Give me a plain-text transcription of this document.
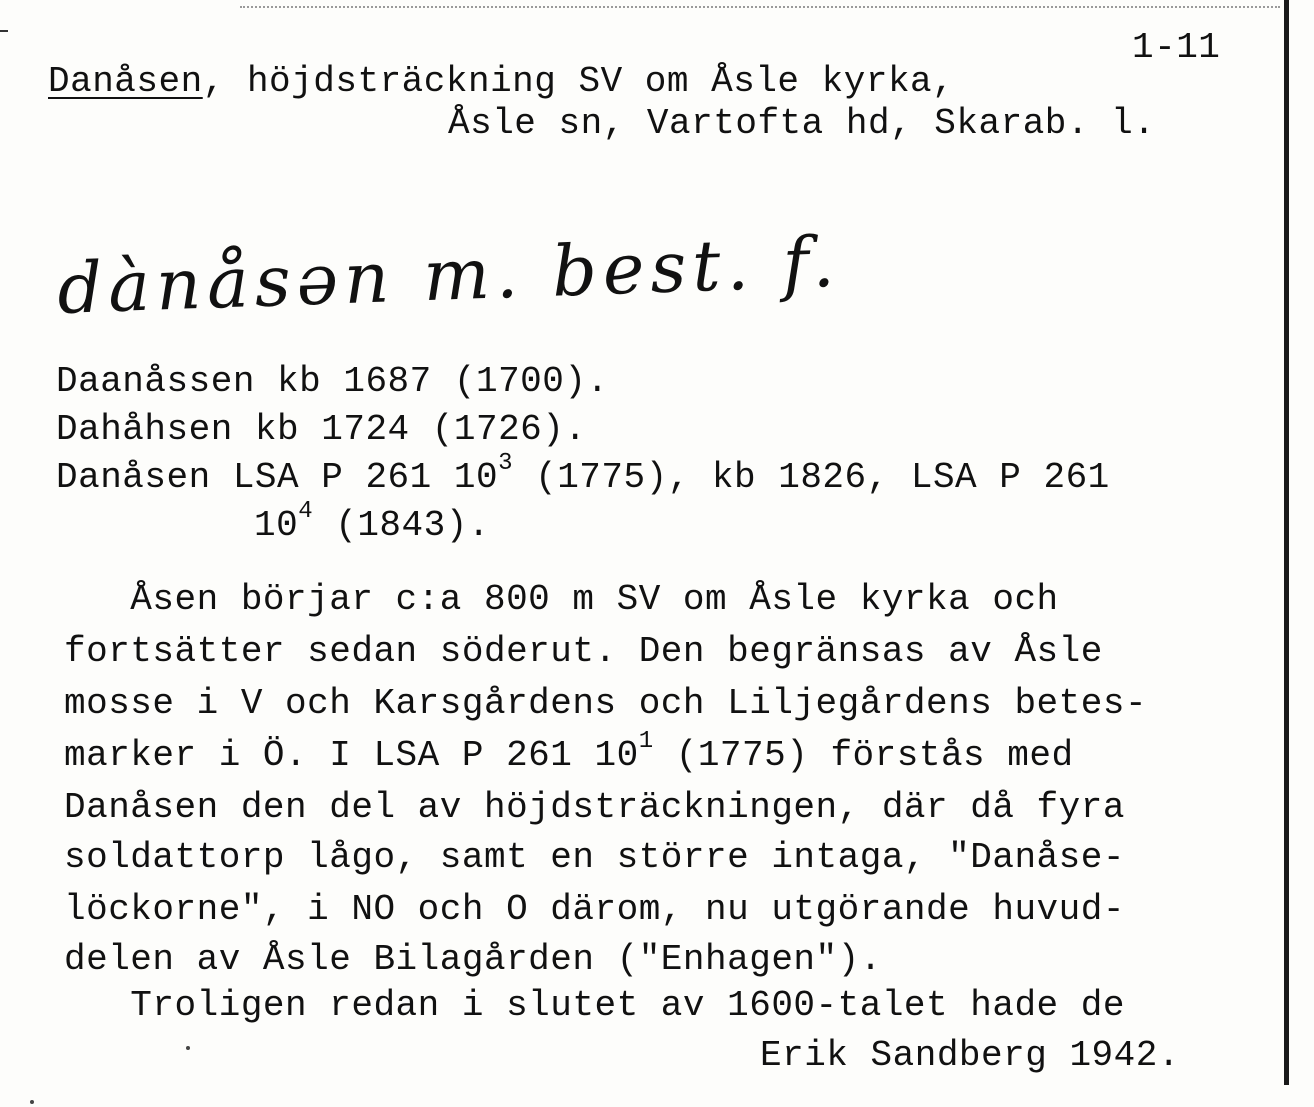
1-11
Danåsen, höjdsträckning SV om Åsle kyrka,
Åsle sn, Vartofta hd, Skarab. l.
dànåsən m. best. f.
Daanåssen kb 1687 (1700).
Dahåhsen kb 1724 (1726).
Danåsen LSA P 261 $10^3$ (1775), kb 1826, LSA P 261
$10^4$ (1843).
Åsen börjar c:a 800 m SV om Åsle kyrka och
fortsätter sedan söderut. Den begränsas av Åsle
mosse i V och Karsgårdens och Liljegårdens betes-
marker i Ö. I LSA P 261 $10^1$ (1775) förstås med
Danåsen den del av höjdsträckningen, där då fyra
soldattorp lågo, samt en större intaga, "Danåse-
löckorne", i NO och O därom, nu utgörande huvud-
delen av Åsle Bilagården ("Enhagen").
Troligen redan i slutet av 1600-talet hade de
Erik Sandberg 1942.
